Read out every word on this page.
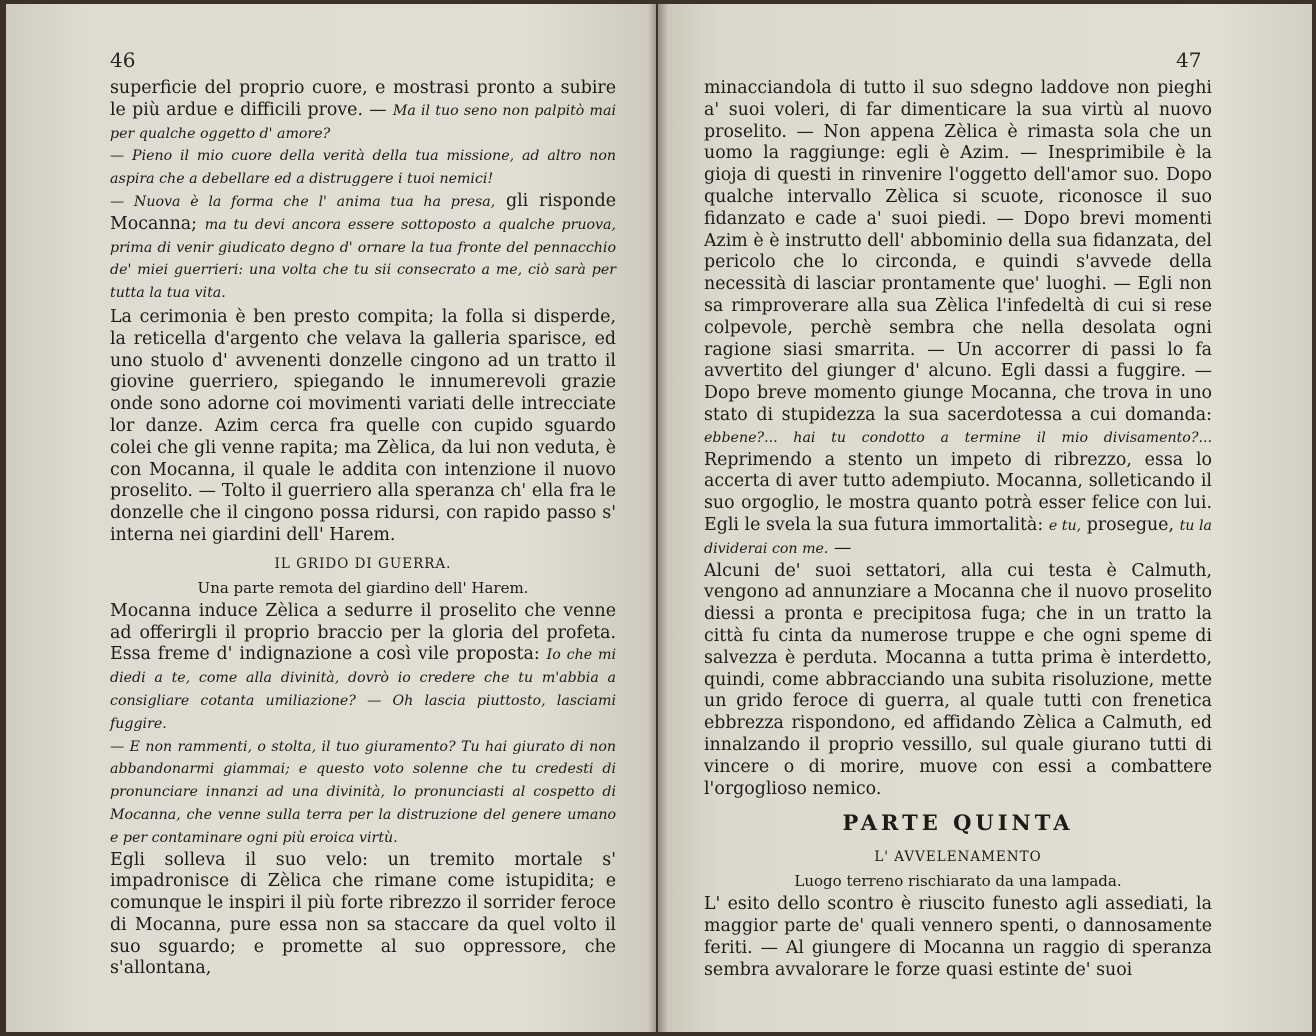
46

superficie del proprio cuore, e mostrasi pronto a subire le più ardue e difficili prove. — Ma il tuo seno non palpitò mai per qualche oggetto d' amore?

— Pieno il mio cuore della verità della tua missione, ad altro non aspira che a debellare ed a distruggere i tuoi nemici!

— Nuova è la forma che l' anima tua ha presa, gli risponde Mocanna; ma tu devi ancora essere sottoposto a qualche pruova, prima di venir giudicato degno d' ornare la tua fronte del pennacchio de' miei guerrieri: una volta che tu sii consecrato a me, ciò sarà per tutta la tua vita.

La cerimonia è ben presto compita; la folla si disperde, la reticella d'argento che velava la galleria sparisce, ed uno stuolo d' avvenenti donzelle cingono ad un tratto il giovine guerriero, spiegando le innumerevoli grazie onde sono adorne coi movimenti variati delle intrecciate lor danze. Azim cerca fra quelle con cupido sguardo colei che gli venne rapita; ma Zèlica, da lui non veduta, è con Mocanna, il quale le addita con intenzione il nuovo proselito. — Tolto il guerriero alla speranza ch' ella fra le donzelle che il cingono possa ridursi, con rapido passo s' interna nei giardini dell' Harem.

IL GRIDO DI GUERRA.

Una parte remota del giardino dell' Harem.

Mocanna induce Zèlica a sedurre il proselito che venne ad offerirgli il proprio braccio per la gloria del profeta. Essa freme d' indignazione a così vile proposta: Io che mi diedi a te, come alla divinità, dovrò io credere che tu m'abbia a consigliare cotanta umiliazione? — Oh lascia piuttosto, lasciami fuggire.

— E non rammenti, o stolta, il tuo giuramento? Tu hai giurato di non abbandonarmi giammai; e questo voto solenne che tu credesti di pronunciare innanzi ad una divinità, lo pronunciasti al cospetto di Mocanna, che venne sulla terra per la distruzione del genere umano e per contaminare ogni più eroica virtù.

Egli solleva il suo velo: un tremito mortale s' impadronisce di Zèlica che rimane come istupidita; e comunque le inspiri il più forte ribrezzo il sorrider feroce di Mocanna, pure essa non sa staccare da quel volto il suo sguardo; e promette al suo oppressore, che s'allontana,

47

minacciandola di tutto il suo sdegno laddove non pieghi a' suoi voleri, di far dimenticare la sua virtù al nuovo proselito. — Non appena Zèlica è rimasta sola che un uomo la raggiunge: egli è Azim. — Inesprimibile è la gioja di questi in rinvenire l'oggetto dell'amor suo. Dopo qualche intervallo Zèlica si scuote, riconosce il suo fidanzato e cade a' suoi piedi. — Dopo brevi momenti Azim è è instrutto dell' abbominio della sua fidanzata, del pericolo che lo circonda, e quindi s'avvede della necessità di lasciar prontamente que' luoghi. — Egli non sa rimproverare alla sua Zèlica l'infedeltà di cui si rese colpevole, perchè sembra che nella desolata ogni ragione siasi smarrita. — Un accorrer di passi lo fa avvertito del giunger d' alcuno. Egli dassi a fuggire. — Dopo breve momento giunge Mocanna, che trova in uno stato di stupidezza la sua sacerdotessa a cui domanda: ebbene?... hai tu condotto a termine il mio divisamento?... Reprimendo a stento un impeto di ribrezzo, essa lo accerta di aver tutto adempiuto. Mocanna, solleticando il suo orgoglio, le mostra quanto potrà esser felice con lui. Egli le svela la sua futura immortalità: e tu, prosegue, tu la dividerai con me. —

Alcuni de' suoi settatori, alla cui testa è Calmuth, vengono ad annunziare a Mocanna che il nuovo proselito diessi a pronta e precipitosa fuga; che in un tratto la città fu cinta da numerose truppe e che ogni speme di salvezza è perduta. Mocanna a tutta prima è interdetto, quindi, come abbracciando una subita risoluzione, mette un grido feroce di guerra, al quale tutti con frenetica ebbrezza rispondono, ed affidando Zèlica a Calmuth, ed innalzando il proprio vessillo, sul quale giurano tutti di vincere o di morire, muove con essi a combattere l'orgoglioso nemico.

PARTE QUINTA

L' AVVELENAMENTO

Luogo terreno rischiarato da una lampada.

L' esito dello scontro è riuscito funesto agli assediati, la maggior parte de' quali vennero spenti, o dannosamente feriti. — Al giungere di Mocanna un raggio di speranza sembra avvalorare le forze quasi estinte de' suoi
